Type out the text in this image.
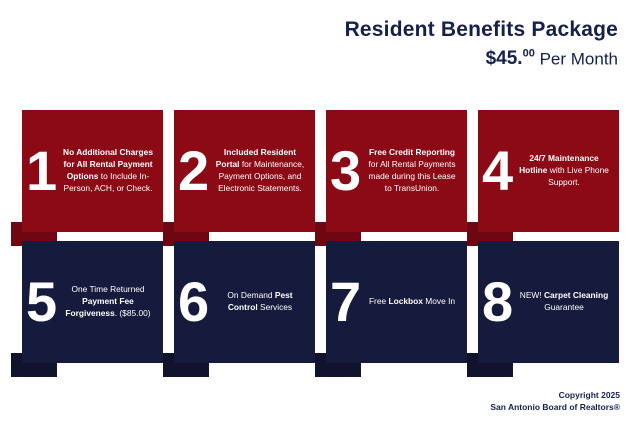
Resident Benefits Package
$45.00 Per Month
1 No Additional Charges for All Rental Payment Options to Include In-Person, ACH, or Check. 2	Included Resident Portal for Maintenance, Payment Options, and Electronic Statements. 3 Free Credit Reporting for All Rental Payments made during this Lease to TransUnion. 4	24/7 Maintenance Hotline with Live Phone Support.
5	One Time Returned Payment Fee Forgiveness. ($85.00) 6	On Demand Pest Control Services 7 Free Lockbox Move In 8 NEW! Carpet Cleaning Guarantee
Copyright 2025
San Antonio Board of Realtors®
